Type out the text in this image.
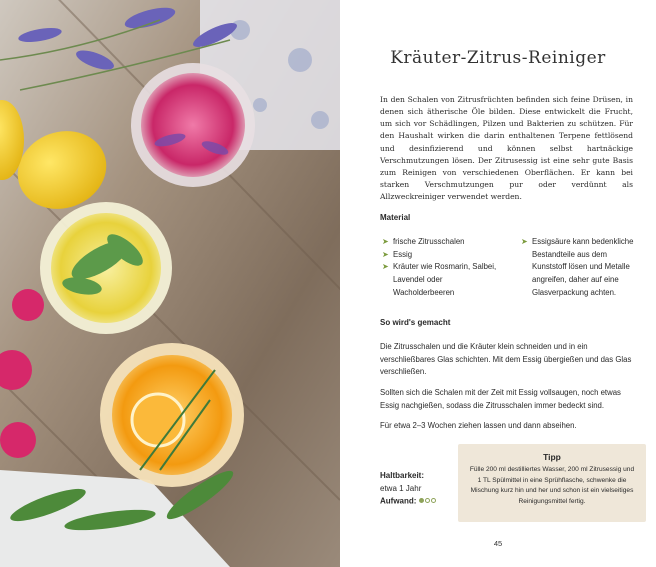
Kräuter-Zitrus-Reiniger

In den Schalen von Zitrusfrüchten befinden sich feine Drüsen, in denen sich ätherische Öle bilden. Diese entwickelt die Frucht, um sich vor Schädlingen, Pilzen und Bakterien zu schützen. Für den Haushalt wirken die darin enthaltenen Terpene fettlösend und desinfizierend und können selbst hartnäckige Verschmutzungen lösen. Der Zitrusessig ist eine sehr gute Basis zum Reinigen von verschiedenen Oberflächen. Er kann bei starken Verschmutzungen pur oder verdünnt als Allzweckreiniger verwendet werden.

Material
➤ frische Zitrusschalen
➤ Essig
➤ Kräuter wie Rosmarin, Salbei, Lavendel oder Wacholderbeeren
➤ Essigsäure kann bedenkliche Bestandteile aus dem Kunststoff lösen und Metalle angreifen, daher auf eine Glasverpackung achten.
So wird's gemacht

Die Zitrusschalen und die Kräuter klein schneiden und in ein verschließbares Glas schichten. Mit dem Essig übergießen und das Glas verschließen.

Sollten sich die Schalen mit der Zeit mit Essig vollsaugen, noch etwas Essig nachgießen, sodass die Zitrusschalen immer bedeckt sind.

Für etwa 2–3 Wochen ziehen lassen und dann abseihen.

Haltbarkeit:
etwa 1 Jahr
Aufwand:
Tipp

Fülle 200 ml destilliertes Wasser, 200 ml Zitrusessig und 1 TL Spülmittel in eine Sprühflasche, schwenke die Mischung kurz hin und her und schon ist ein vielseitiges Reinigungsmittel fertig.

45
